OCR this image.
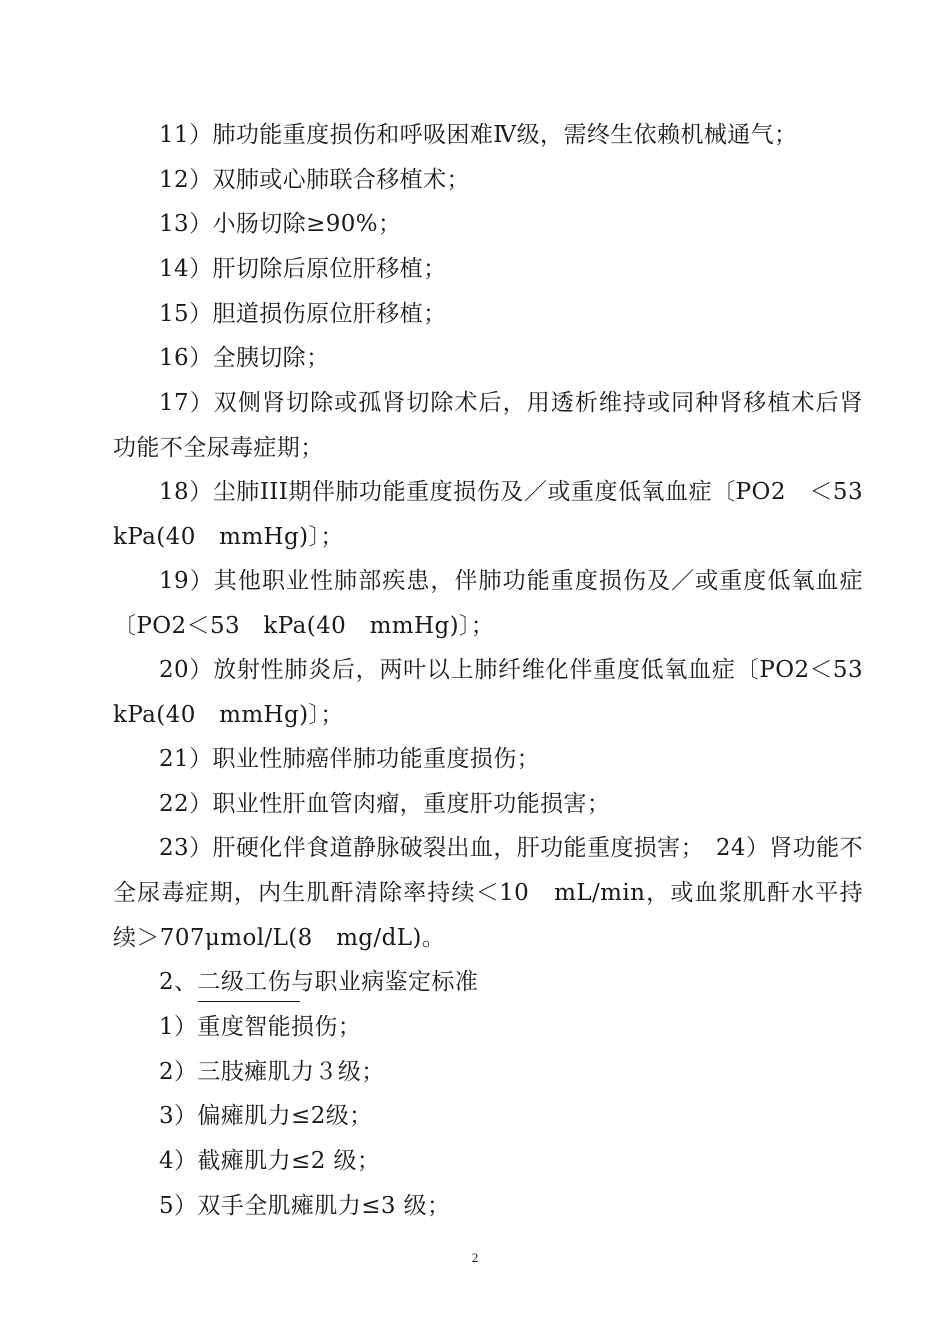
11）肺功能重度损伤和呼吸困难Ⅳ级，需终生依赖机械通气；

12）双肺或心肺联合移植术；

13）小肠切除≥90%；

14）肝切除后原位肝移植；

15）胆道损伤原位肝移植；

16）全胰切除；

17）双侧肾切除或孤肾切除术后，用透析维持或同种肾移植术后肾功能不全尿毒症期；

18）尘肺III期伴肺功能重度损伤及／或重度低氧血症〔PO2　＜53　kPa(40　mmHg)〕；

19）其他职业性肺部疾患，伴肺功能重度损伤及／或重度低氧血症〔PO2＜53　kPa(40　mmHg)〕；

20）放射性肺炎后，两叶以上肺纤维化伴重度低氧血症〔PO2＜53　kPa(40　mmHg)〕；

21）职业性肺癌伴肺功能重度损伤；

22）职业性肝血管肉瘤，重度肝功能损害；

23）肝硬化伴食道静脉破裂出血，肝功能重度损害；　24）肾功能不全尿毒症期，内生肌酐清除率持续＜10　mL/min，或血浆肌酐水平持续＞707μmol/L(8　mg/dL)。

2、二级工伤与职业病鉴定标准

1）重度智能损伤；

2）三肢瘫肌力３级；

3）偏瘫肌力≤2级；

4）截瘫肌力≤2 级；

5）双手全肌瘫肌力≤3 级；

2
